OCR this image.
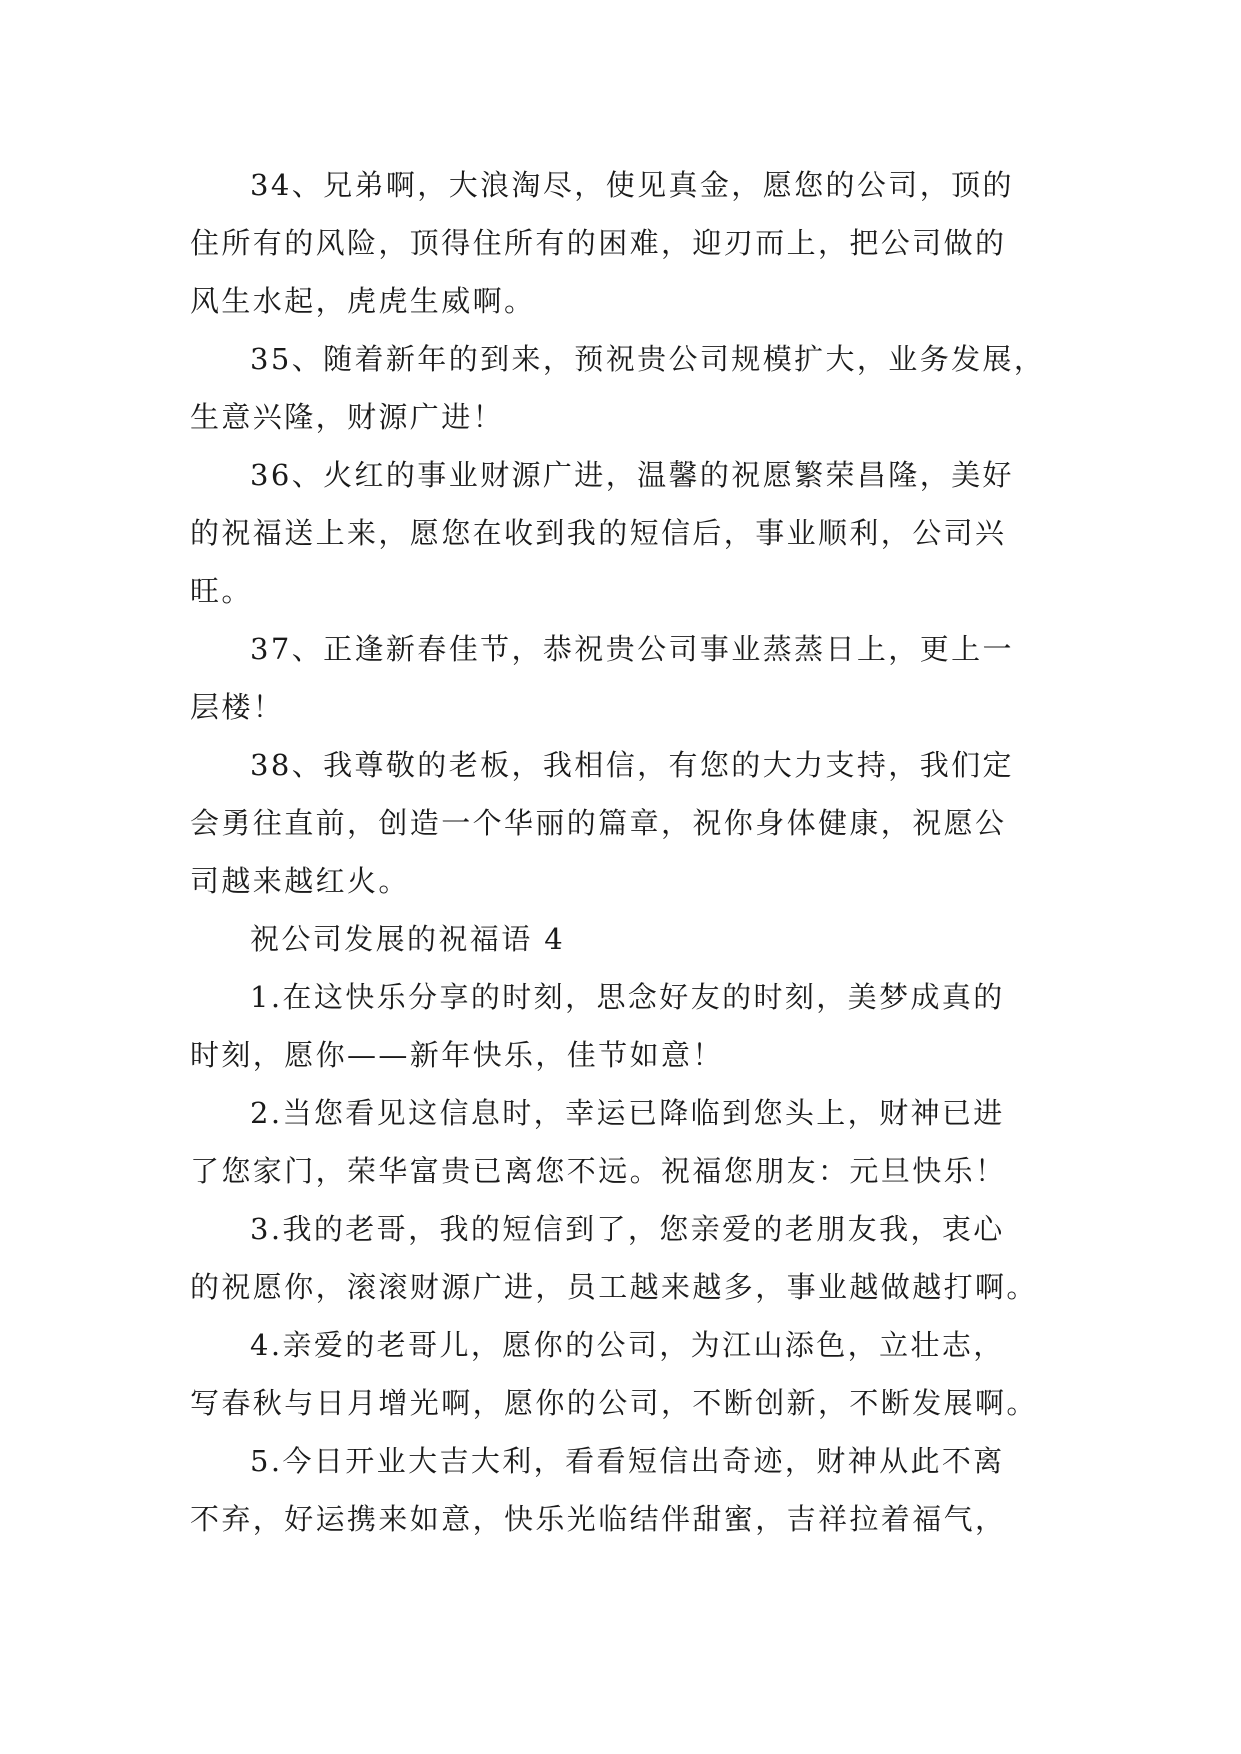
34、兄弟啊，大浪淘尽，使见真金，愿您的公司，顶的
住所有的风险，顶得住所有的困难，迎刃而上，把公司做的
风生水起，虎虎生威啊。
35、随着新年的到来，预祝贵公司规模扩大，业务发展，
生意兴隆，财源广进！
36、火红的事业财源广进，温馨的祝愿繁荣昌隆，美好
的祝福送上来，愿您在收到我的短信后，事业顺利，公司兴
旺。
37、正逢新春佳节，恭祝贵公司事业蒸蒸日上，更上一
层楼！
38、我尊敬的老板，我相信，有您的大力支持，我们定
会勇往直前，创造一个华丽的篇章，祝你身体健康，祝愿公
司越来越红火。
祝公司发展的祝福语 4
1.在这快乐分享的时刻，思念好友的时刻，美梦成真的
时刻，愿你——新年快乐，佳节如意！
2.当您看见这信息时，幸运已降临到您头上，财神已进
了您家门，荣华富贵已离您不远。祝福您朋友：元旦快乐！
3.我的老哥，我的短信到了，您亲爱的老朋友我，衷心
的祝愿你，滚滚财源广进，员工越来越多，事业越做越打啊。
4.亲爱的老哥儿，愿你的公司，为江山添色，立壮志，
写春秋与日月增光啊，愿你的公司，不断创新，不断发展啊。
5.今日开业大吉大利，看看短信出奇迹，财神从此不离
不弃，好运携来如意，快乐光临结伴甜蜜，吉祥拉着福气，
